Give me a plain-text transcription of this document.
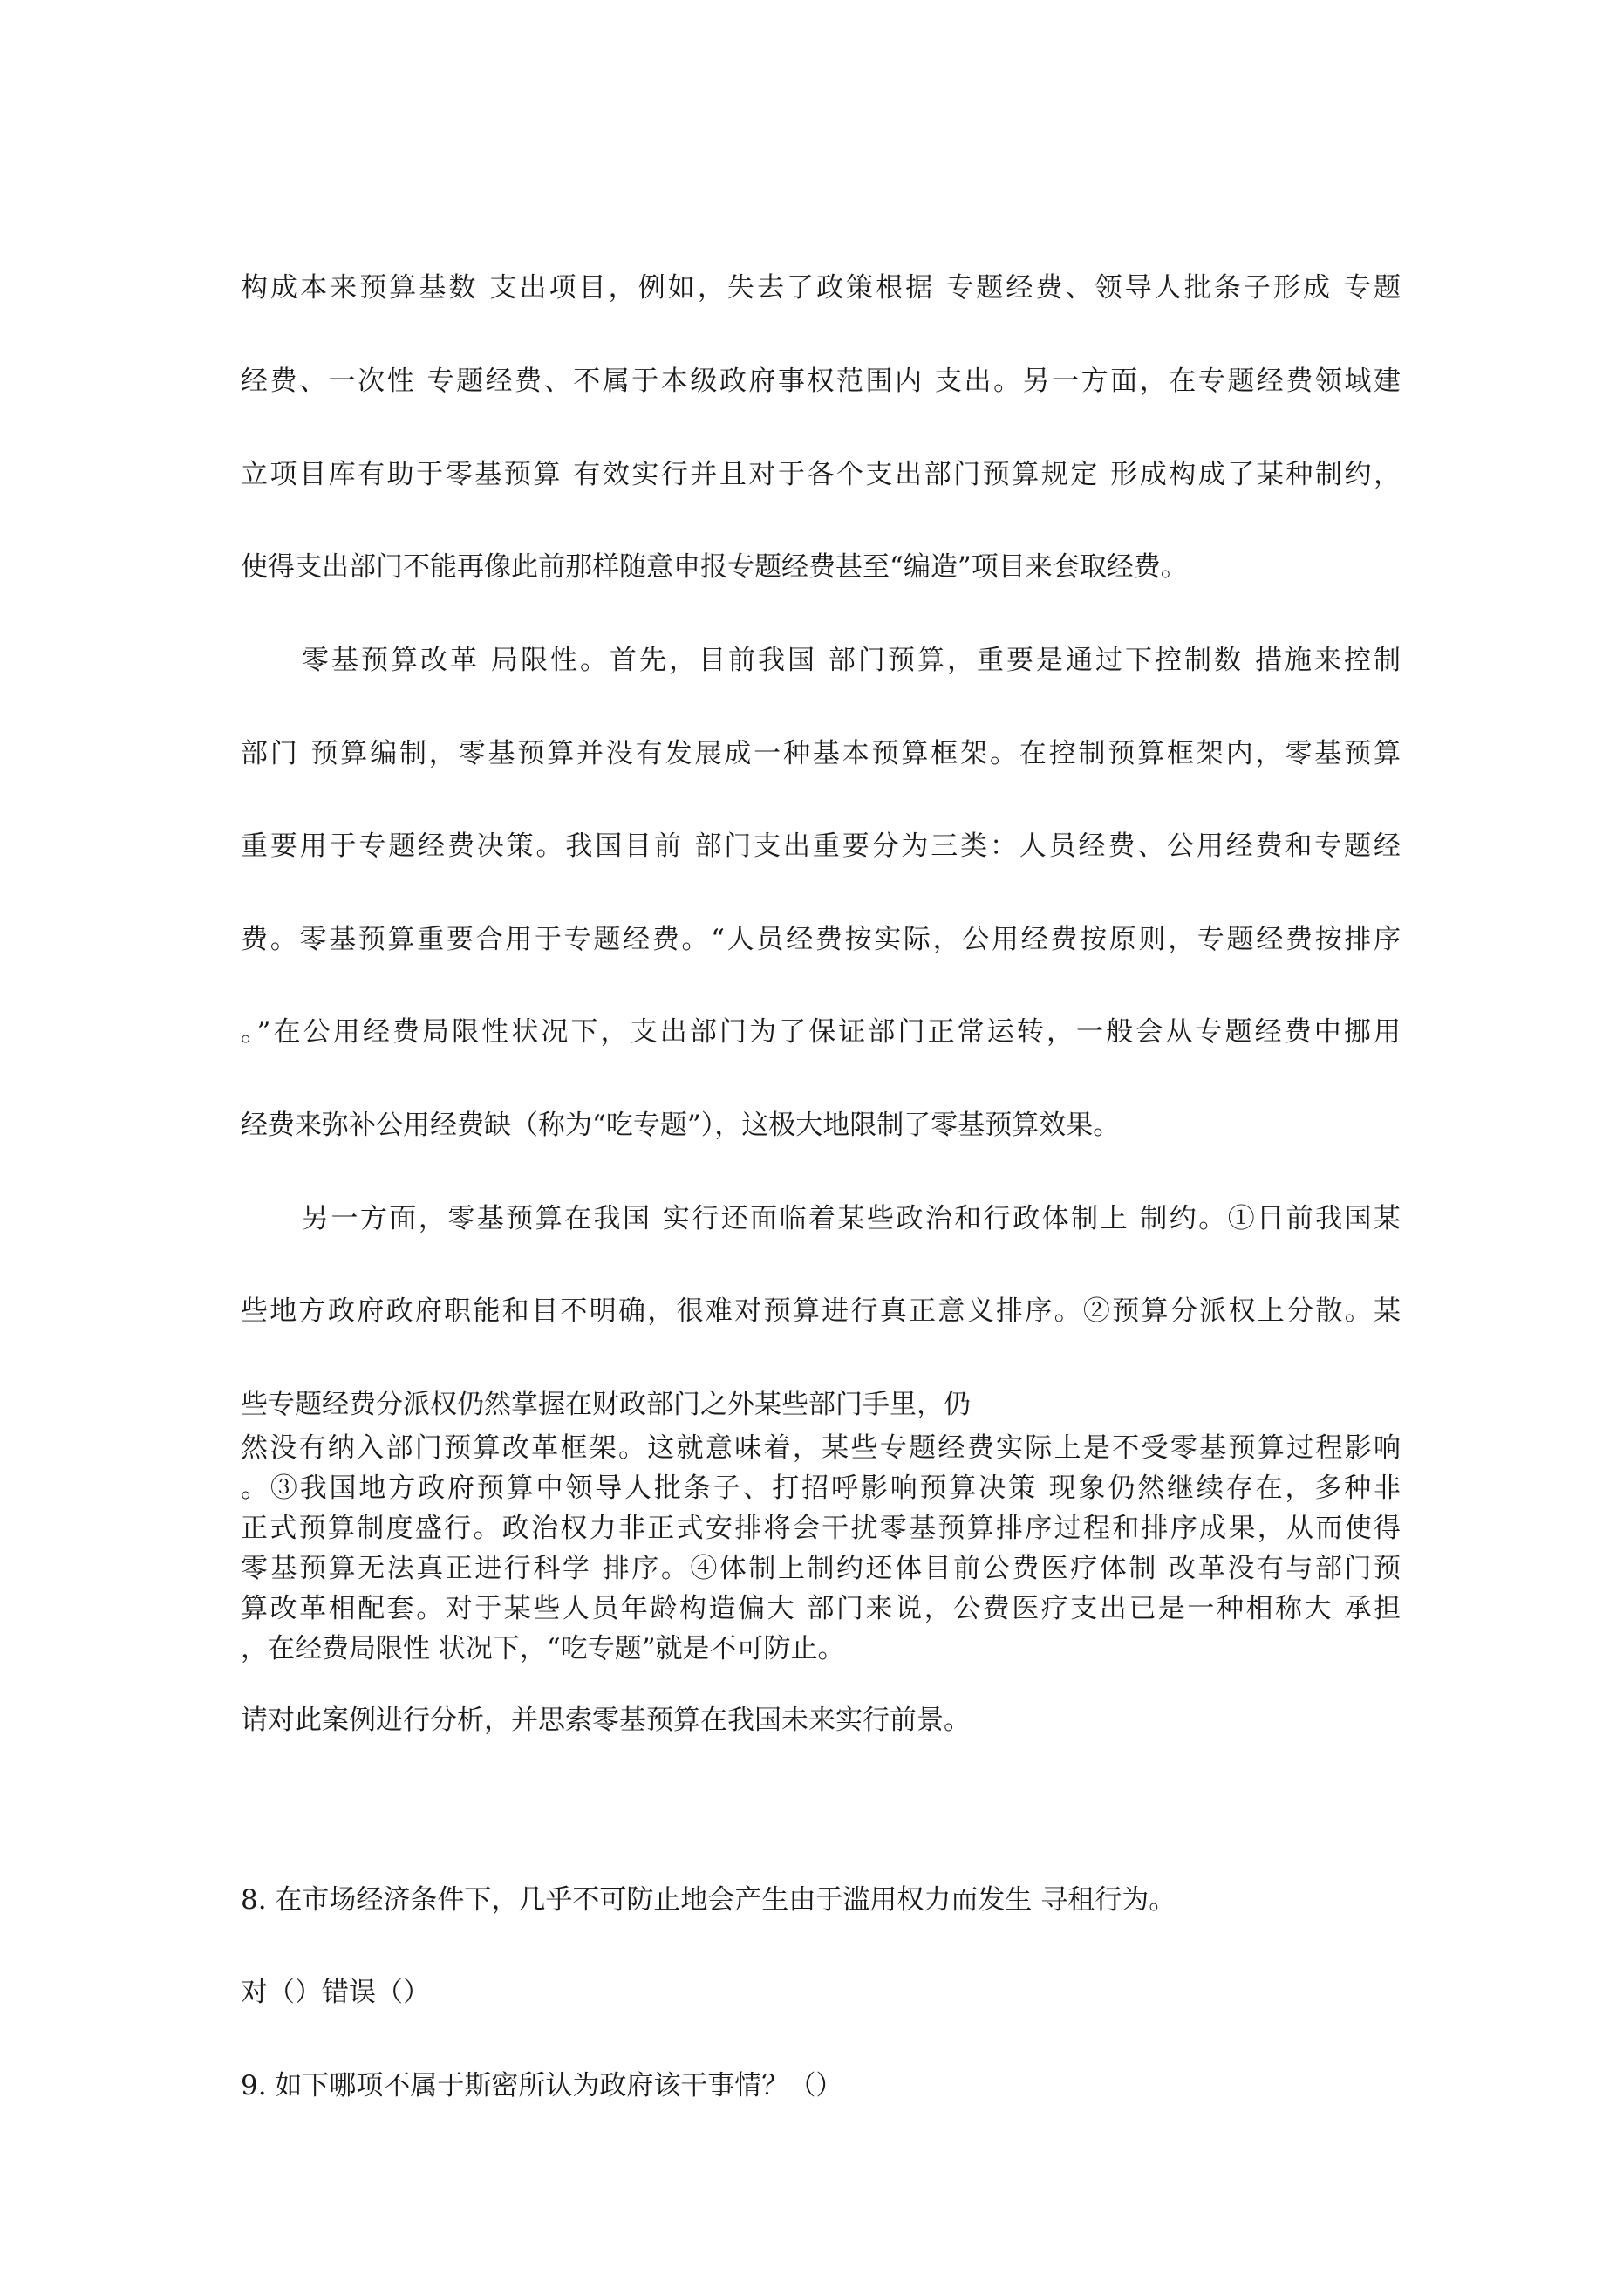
构成本来预算基数 支出项目，例如，失去了政策根据 专题经费、领导人批条子形成 专题
经费、一次性 专题经费、不属于本级政府事权范围内 支出。另一方面，在专题经费领域建
立项目库有助于零基预算 有效实行并且对于各个支出部门预算规定 形成构成了某种制约，
使得支出部门不能再像此前那样随意申报专题经费甚至“编造”项目来套取经费。
零基预算改革 局限性。首先，目前我国 部门预算，重要是通过下控制数 措施来控制
部门 预算编制，零基预算并没有发展成一种基本预算框架。在控制预算框架内，零基预算
重要用于专题经费决策。我国目前 部门支出重要分为三类：人员经费、公用经费和专题经
费。零基预算重要合用于专题经费。“人员经费按实际，公用经费按原则，专题经费按排序
。”在公用经费局限性状况下，支出部门为了保证部门正常运转，一般会从专题经费中挪用
经费来弥补公用经费缺（称为“吃专题”），这极大地限制了零基预算效果。
另一方面，零基预算在我国 实行还面临着某些政治和行政体制上 制约。①目前我国某
些地方政府政府职能和目不明确，很难对预算进行真正意义排序。②预算分派权上分散。某
些专题经费分派权仍然掌握在财政部门之外某些部门手里，仍
然没有纳入部门预算改革框架。这就意味着，某些专题经费实际上是不受零基预算过程影响
。③我国地方政府预算中领导人批条子、打招呼影响预算决策 现象仍然继续存在，多种非
正式预算制度盛行。政治权力非正式安排将会干扰零基预算排序过程和排序成果，从而使得
零基预算无法真正进行科学 排序。④体制上制约还体目前公费医疗体制 改革没有与部门预
算改革相配套。对于某些人员年龄构造偏大 部门来说，公费医疗支出已是一种相称大 承担
，在经费局限性 状况下，“吃专题”就是不可防止。
请对此案例进行分析，并思索零基预算在我国未来实行前景。
8. 在市场经济条件下，几乎不可防止地会产生由于滥用权力而发生 寻租行为。
对（）错误（）
9. 如下哪项不属于斯密所认为政府该干事情？（）
